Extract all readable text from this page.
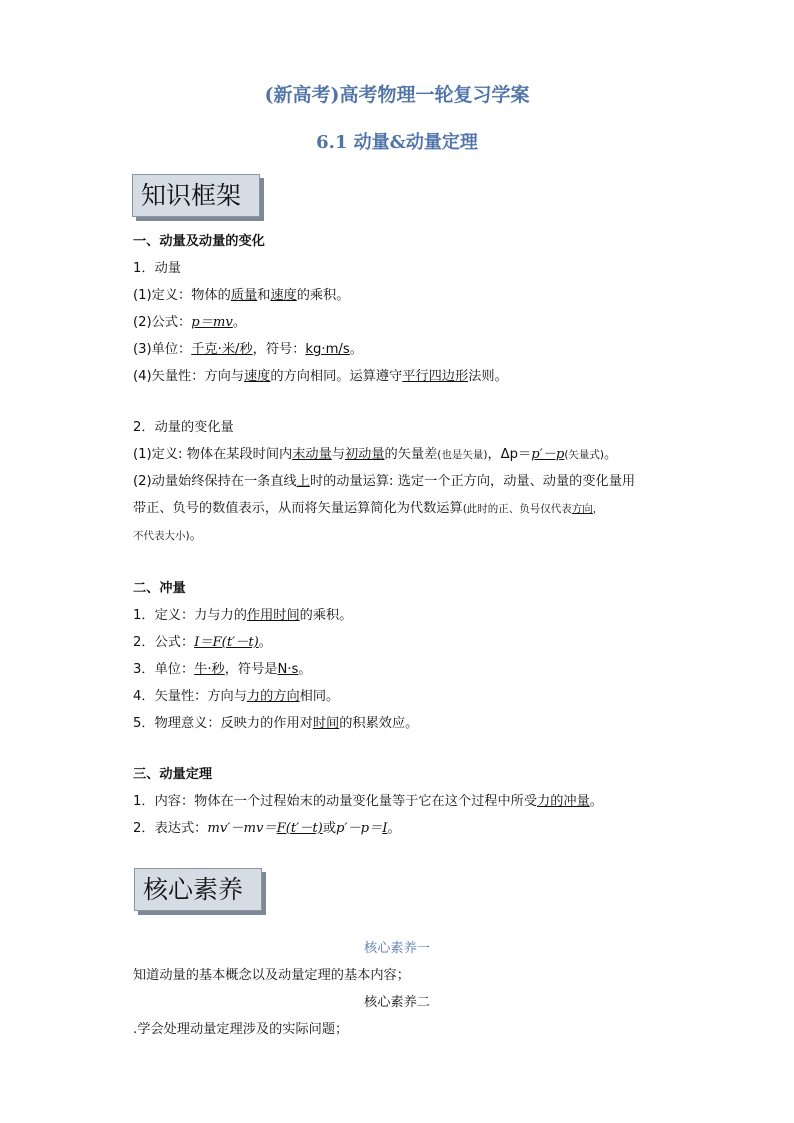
(新高考)高考物理一轮复习学案
6.1 动量&动量定理
知识框架
一、动量及动量的变化
1．动量
(1)定义：物体的质量和速度的乘积。
(2)公式：p＝mv。
(3)单位：千克·米/秒，符号：kg·m/s。
(4)矢量性：方向与速度的方向相同。运算遵守平行四边形法则。
2．动量的变化量
(1)定义: 物体在某段时间内末动量与初动量的矢量差(也是矢量)，Δp＝p′－p(矢量式)。
(2)动量始终保持在一条直线上时的动量运算: 选定一个正方向，动量、动量的变化量用
带正、负号的数值表示，从而将矢量运算简化为代数运算(此时的正、负号仅代表方向，
不代表大小)。
二、冲量
1．定义：力与力的作用时间的乘积。
2．公式：I＝F(t′－t)。
3．单位：牛·秒，符号是N·s。
4．矢量性：方向与力的方向相同。
5．物理意义：反映力的作用对时间的积累效应。
三、动量定理
1．内容：物体在一个过程始末的动量变化量等于它在这个过程中所受力的冲量。
2．表达式：mv′－mv＝F(t′－t)或p′－p＝I。
核心素养
核心素养一
知道动量的基本概念以及动量定理的基本内容；
核心素养二
.学会处理动量定理涉及的实际问题；
